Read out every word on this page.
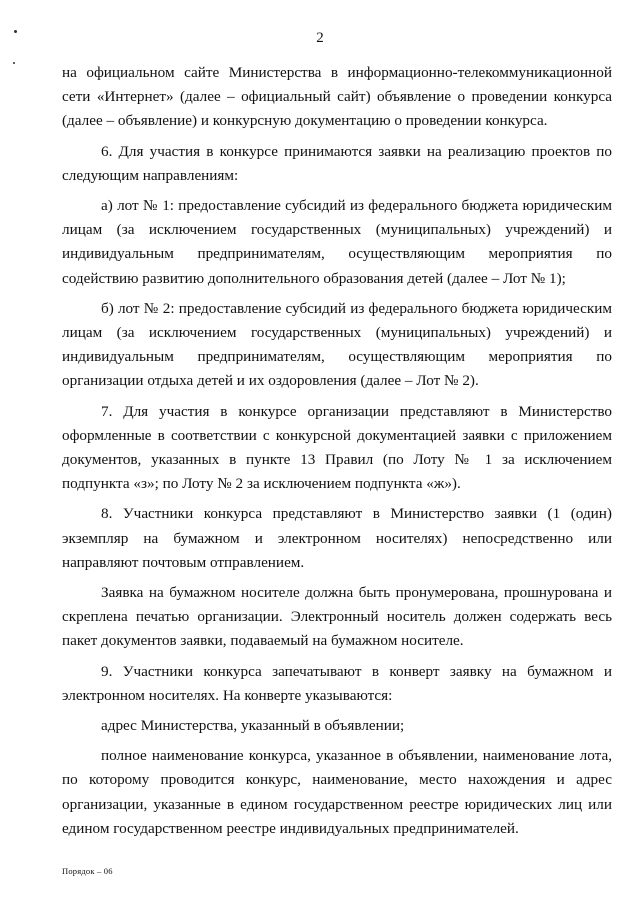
2

на официальном сайте Министерства в информационно-телекоммуникационной сети «Интернет» (далее – официальный сайт) объявление о проведении конкурса (далее – объявление) и конкурсную документацию о проведении конкурса.

6. Для участия в конкурсе принимаются заявки на реализацию проектов по следующим направлениям:

а) лот № 1: предоставление субсидий из федерального бюджета юридическим лицам (за исключением государственных (муниципальных) учреждений) и индивидуальным предпринимателям, осуществляющим мероприятия по содействию развитию дополнительного образования детей (далее – Лот № 1);

б) лот № 2: предоставление субсидий из федерального бюджета юридическим лицам (за исключением государственных (муниципальных) учреждений) и индивидуальным предпринимателям, осуществляющим мероприятия по организации отдыха детей и их оздоровления (далее – Лот № 2).

7. Для участия в конкурсе организации представляют в Министерство оформленные в соответствии с конкурсной документацией заявки с приложением документов, указанных в пункте 13 Правил (по Лоту № 1 за исключением подпункта «з»; по Лоту № 2 за исключением подпункта «ж»).

8. Участники конкурса представляют в Министерство заявки (1 (один) экземпляр на бумажном и электронном носителях) непосредственно или направляют почтовым отправлением.

Заявка на бумажном носителе должна быть пронумерована, прошнурована и скреплена печатью организации. Электронный носитель должен содержать весь пакет документов заявки, подаваемый на бумажном носителе.

9. Участники конкурса запечатывают в конверт заявку на бумажном и электронном носителях. На конверте указываются:

адрес Министерства, указанный в объявлении;

полное наименование конкурса, указанное в объявлении, наименование лота, по которому проводится конкурс, наименование, место нахождения и адрес организации, указанные в едином государственном реестре юридических лиц или едином государственном реестре индивидуальных предпринимателей.

Порядок – 06
